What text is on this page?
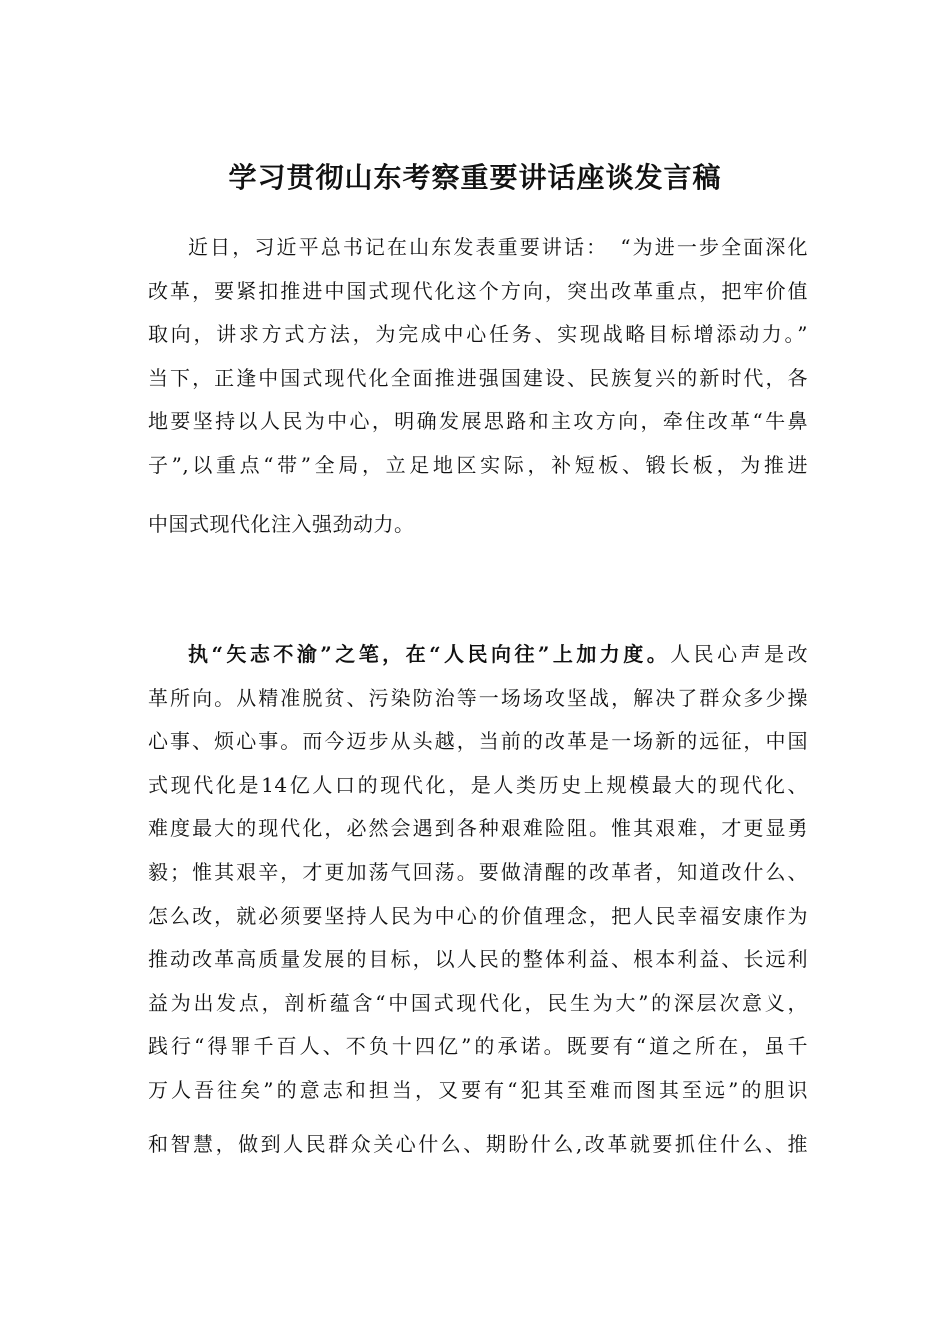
学习贯彻山东考察重要讲话座谈发言稿
近日，习近平总书记在山东发表重要讲话：　“为进一步全面深化
改革，要紧扣推进中国式现代化这个方向，突出改革重点，把牢价值
取向，讲求方式方法，为完成中心任务、实现战略目标增添动力。”
当下，正逢中国式现代化全面推进强国建设、民族复兴的新时代，各
地要坚持以人民为中心，明确发展思路和主攻方向，牵住改革“牛鼻
子”,以重点“带”全局，立足地区实际，补短板、锻长板，为推进
中国式现代化注入强劲动力。
执“矢志不渝”之笔，在“人民向往”上加力度。人民心声是改
革所向。从精准脱贫、污染防治等一场场攻坚战，解决了群众多少操
心事、烦心事。而今迈步从头越，当前的改革是一场新的远征，中国
式现代化是14亿人口的现代化，是人类历史上规模最大的现代化、
难度最大的现代化，必然会遇到各种艰难险阻。惟其艰难，才更显勇
毅；惟其艰辛，才更加荡气回荡。要做清醒的改革者，知道改什么、
怎么改，就必须要坚持人民为中心的价值理念，把人民幸福安康作为
推动改革高质量发展的目标，以人民的整体利益、根本利益、长远利
益为出发点，剖析蕴含“中国式现代化，民生为大”的深层次意义，
践行“得罪千百人、不负十四亿”的承诺。既要有“道之所在，虽千
万人吾往矣”的意志和担当，又要有“犯其至难而图其至远”的胆识
和智慧，做到人民群众关心什么、期盼什么,改革就要抓住什么、推
